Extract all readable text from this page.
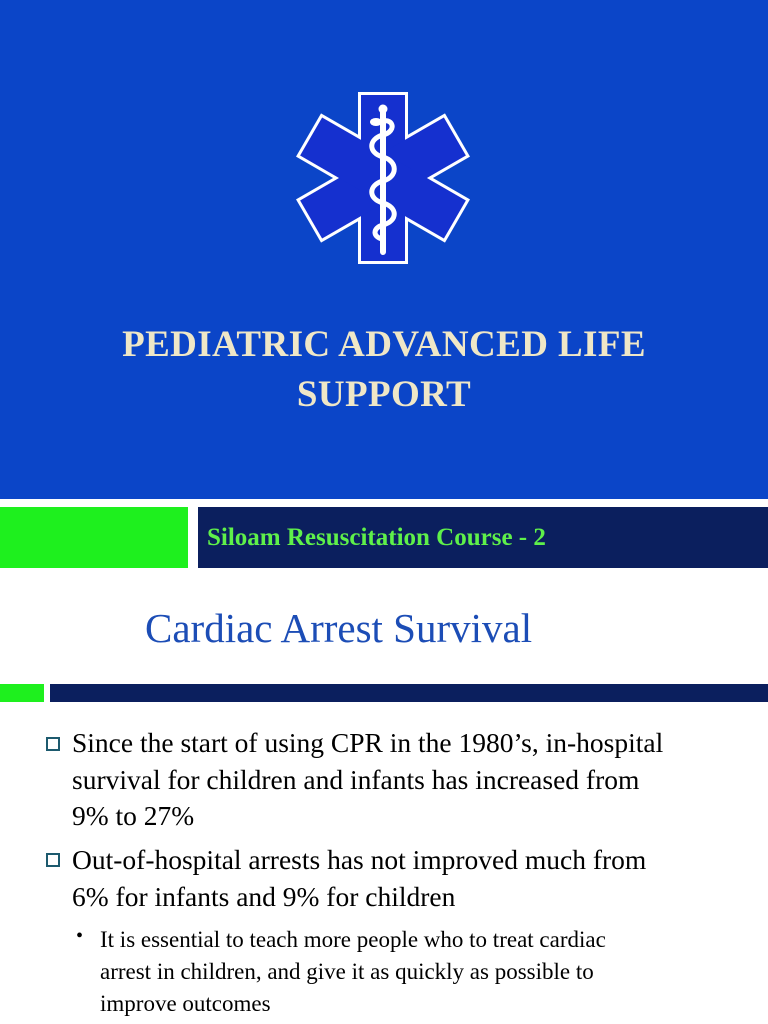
PEDIATRIC ADVANCED LIFE SUPPORT
Siloam Resuscitation Course - 2
Cardiac Arrest Survival
Since the start of using CPR in the 1980’s, in-hospital
survival for children and infants has increased from
9% to 27%
Out-of-hospital arrests has not improved much from
6% for infants and 9% for children
• It is essential to teach more people who to treat cardiac
arrest in children, and give it as quickly as possible to
improve outcomes
